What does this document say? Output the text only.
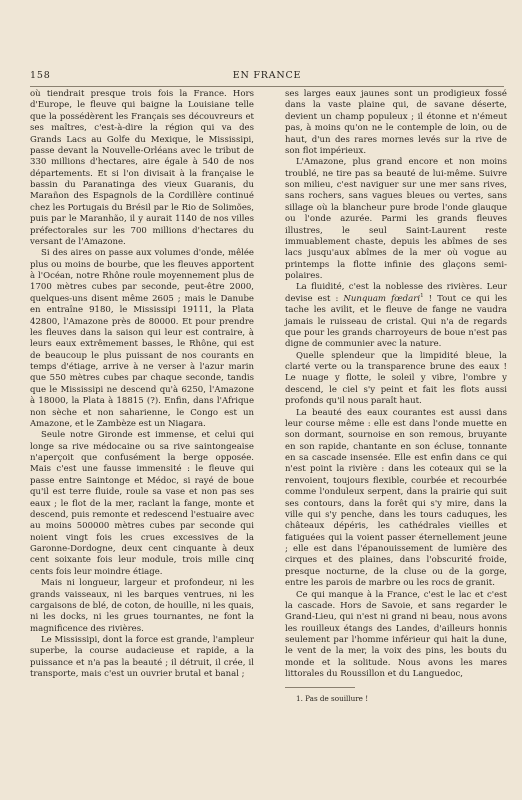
158	EN FRANCE

où tiendrait presque trois fois la France. Hors d'Europe, le fleuve qui baigne la Louisiane telle que la possédèrent les Français ses découvreurs et ses maîtres, c'est-à-dire la région qui va des Grands Lacs au Golfe du Mexique, le Mississipi, passe devant la Nouvelle-Orléans avec le tribut de 330 millions d'hectares, aire égale à 540 de nos départements. Et si l'on divisait à la française le bassin du Paranatinga des vieux Guaranis, du Marañon des Espagnols de la Cordillère continué chez les Portugais du Brésil par le Rio de Solimões, puis par le Maranhão, il y aurait 1140 de nos villes préfectorales sur les 700 millions d'hectares du versant de l'Amazone.

Si des aires on passe aux volumes d'onde, mêlée plus ou moins de bourbe, que les fleuves apportent à l'Océan, notre Rhône roule moyennement plus de 1700 mètres cubes par seconde, peut-être 2000, quelques-uns disent même 2605 ; mais le Danube en entraîne 9180, le Mississipi 19111, la Plata 42800, l'Amazone près de 80000. Et pour prendre les fleuves dans la saison qui leur est contraire, à leurs eaux extrêmement basses, le Rhône, qui est de beaucoup le plus puissant de nos courants en temps d'étiage, arrive à ne verser à l'azur marin que 550 mètres cubes par chaque seconde, tandis que le Mississipi ne descend qu'à 6250, l'Amazone à 18000, la Plata à 18815 (?). Enfin, dans l'Afrique non sèche et non saharienne, le Congo est un Amazone, et le Zambèze est un Niagara.

Seule notre Gironde est immense, et celui qui longe sa rive médocaine ou sa rive saintongeaise n'aperçoit que confusément la berge opposée. Mais c'est une fausse immensité : le fleuve qui passe entre Saintonge et Médoc, si rayé de boue qu'il est terre fluide, roule sa vase et non pas ses eaux ; le flot de la mer, raclant la fange, monte et descend, puis remonte et redescend l'estuaire avec au moins 500000 mètres cubes par seconde qui noient vingt fois les crues excessives de la Garonne-Dordogne, deux cent cinquante à deux cent soixante fois leur module, trois mille cinq cents fois leur moindre étiage.

Mais ni longueur, largeur et profondeur, ni les grands vaisseaux, ni les barques ventrues, ni les cargaisons de blé, de coton, de houille, ni les quais, ni les docks, ni les grues tournantes, ne font la magnificence des rivières.

Le Mississipi, dont la force est grande, l'ampleur superbe, la course audacieuse et rapide, a la puissance et n'a pas la beauté ; il détruit, il crée, il transporte, mais c'est un ouvrier brutal et banal ;

ses larges eaux jaunes sont un prodigieux fossé dans la vaste plaine qui, de savane déserte, devient un champ populeux ; il étonne et n'émeut pas, à moins qu'on ne le contemple de loin, ou de haut, d'un des rares mornes levés sur la rive de son flot impérieux.

L'Amazone, plus grand encore et non moins troublé, ne tire pas sa beauté de lui-même. Suivre son milieu, c'est naviguer sur une mer sans rives, sans rochers, sans vagues bleues ou vertes, sans sillage où la blancheur pure brode l'onde glauque ou l'onde azurée. Parmi les grands fleuves illustres, le seul Saint-Laurent reste immuablement chaste, depuis les abîmes de ses lacs jusqu'aux abîmes de la mer où vogue au printemps la flotte infinie des glaçons semi-polaires.

La fluidité, c'est la noblesse des rivières. Leur devise est : Nunquam fœdari$^1$ ! Tout ce qui les tache les avilit, et le fleuve de fange ne vaudra jamais le ruisseau de cristal. Qui n'a de regards que pour les grands charroyeurs de boue n'est pas digne de communier avec la nature.

Quelle splendeur que la limpidité bleue, la clarté verte ou la transparence brune des eaux ! Le nuage y flotte, le soleil y vibre, l'ombre y descend, le ciel s'y peint et fait les flots aussi profonds qu'il nous paraît haut.

La beauté des eaux courantes est aussi dans leur course même : elle est dans l'onde muette en son dormant, sournoise en son remous, bruyante en son rapide, chantante en son écluse, tonnante en sa cascade insensée. Elle est enfin dans ce qui n'est point la rivière : dans les coteaux qui se la renvoient, toujours flexible, courbée et recourbée comme l'onduleux serpent, dans la prairie qui suit ses contours, dans la forêt qui s'y mire, dans la ville qui s'y penche, dans les tours caduques, les châteaux dépéris, les cathédrales vieilles et fatiguées qui la voient passer éternellement jeune ; elle est dans l'épanouissement de lumière des cirques et des plaines, dans l'obscurité froide, presque nocturne, de la cluse ou de la gorge, entre les parois de marbre ou les rocs de granit.

Ce qui manque à la France, c'est le lac et c'est la cascade. Hors de Savoie, et sans regarder le Grand-Lieu, qui n'est ni grand ni beau, nous avons les rouilleux étangs des Landes, d'ailleurs honnis seulement par l'homme inférieur qui hait la dune, le vent de la mer, la voix des pins, les bouts du monde et la solitude. Nous avons les mares littorales du Roussillon et du Languedoc,

1. Pas de souillure !
